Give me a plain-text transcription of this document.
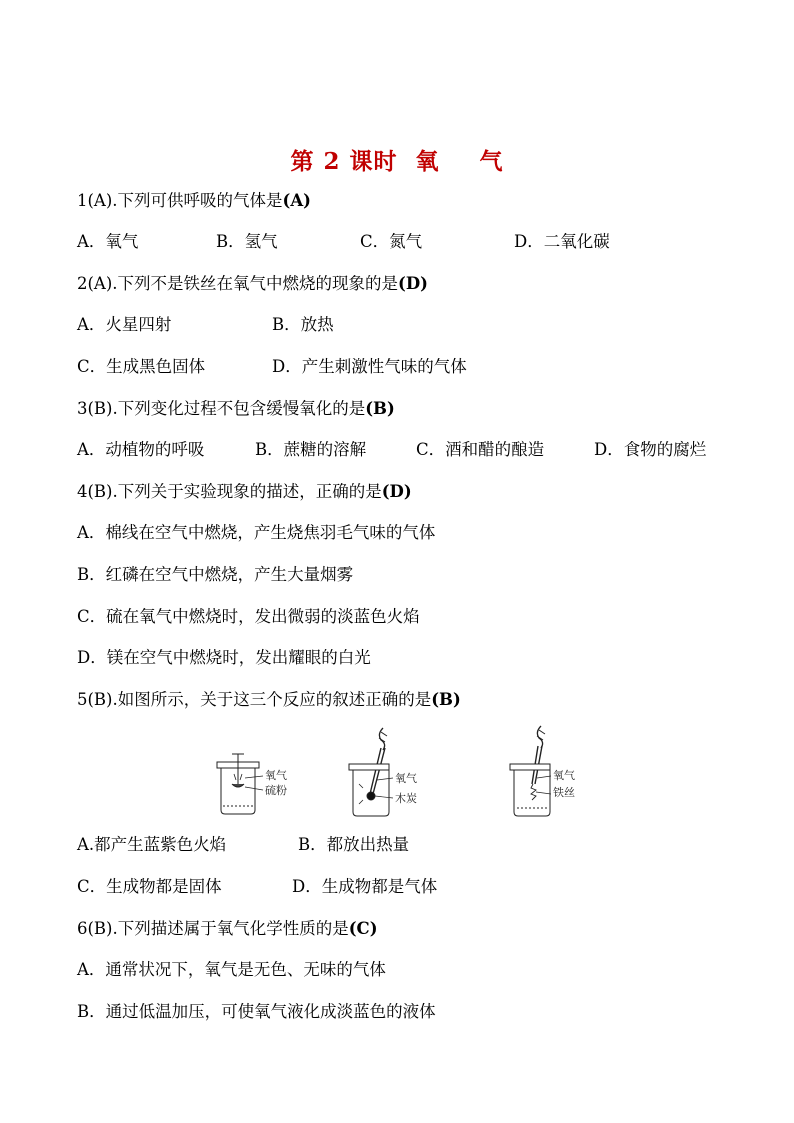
第 2 课时 氧 气
1(A).下列可供呼吸的气体是(A)
A．氧气	B．氢气	C．氮气	D．二氧化碳
2(A).下列不是铁丝在氧气中燃烧的现象的是(D)
A．火星四射	B．放热
C．生成黑色固体	D．产生刺激性气味的气体
3(B).下列变化过程不包含缓慢氧化的是(B)
A．动植物的呼吸	B．蔗糖的溶解	C．酒和醋的酿造	D．食物的腐烂
4(B).下列关于实验现象的描述，正确的是(D)
A．棉线在空气中燃烧，产生烧焦羽毛气味的气体
B．红磷在空气中燃烧，产生大量烟雾
C．硫在氧气中燃烧时，发出微弱的淡蓝色火焰
D．镁在空气中燃烧时，发出耀眼的白光
5(B).如图所示，关于这三个反应的叙述正确的是(B)
氧气
硫粉
氧气
木炭
氧气
铁丝
A.都产生蓝紫色火焰	B．都放出热量
C．生成物都是固体	D．生成物都是气体
6(B).下列描述属于氧气化学性质的是(C)
A．通常状况下，氧气是无色、无味的气体
B．通过低温加压，可使氧气液化成淡蓝色的液体
